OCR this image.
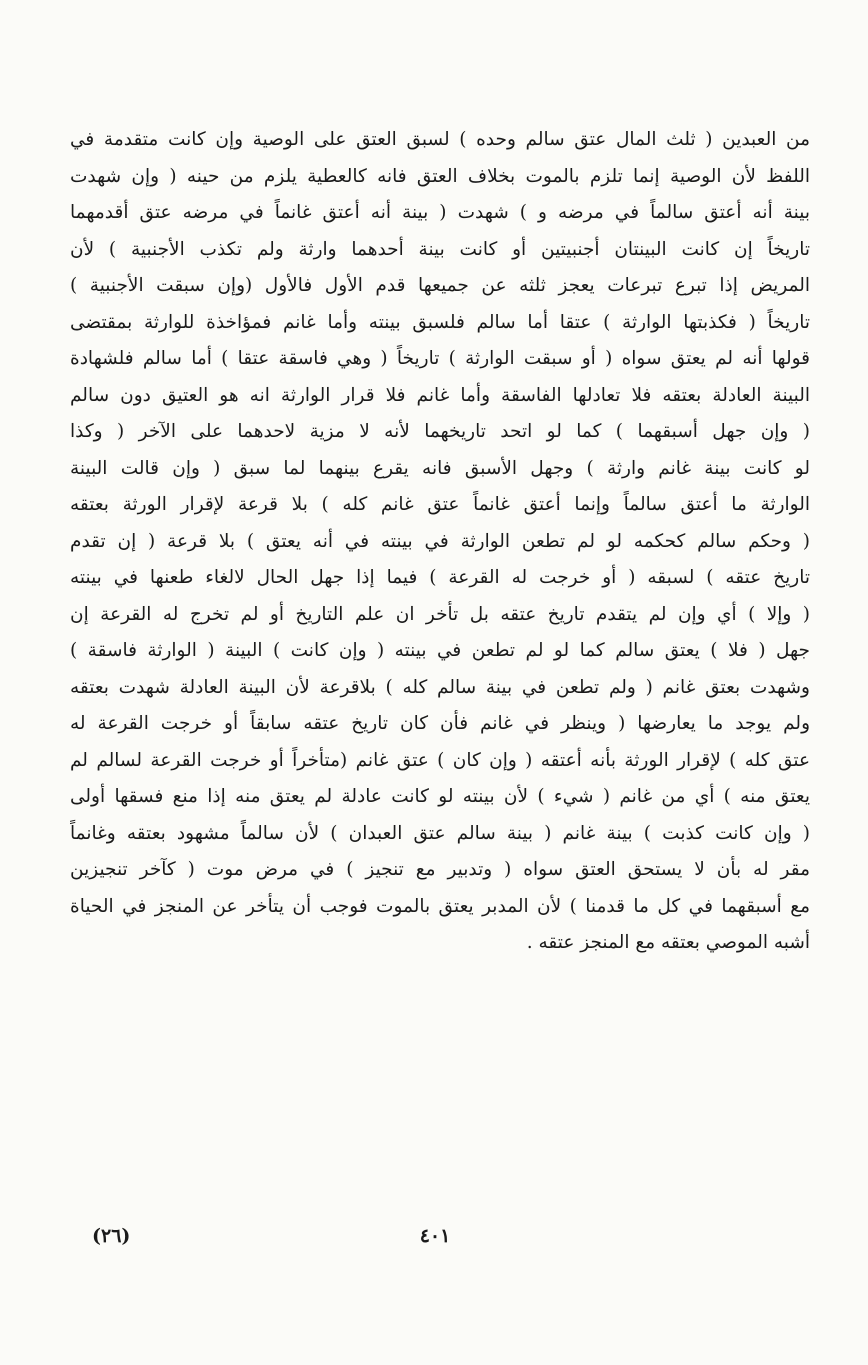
من العبدين ( ثلث المال عتق سالم وحده ) لسبق العتق على الوصية وإن كانت متقدمة في
اللفظ لأن الوصية إنما تلزم بالموت بخلاف العتق فانه كالعطية يلزم من حينه ( وإن شهدت
بينة أنه أعتق سالماً في مرضه و ) شهدت ( بينة أنه أعتق غانماً في مرضه عتق أقدمهما
تاريخاً إن كانت البينتان أجنبيتين أو كانت بينة أحدهما وارثة ولم تكذب الأجنبية ) لأن
المريض إذا تبرع تبرعات يعجز ثلثه عن جميعها قدم الأول فالأول (وإن سبقت الأجنبية )
تاريخاً ( فكذبتها الوارثة ) عتقا أما سالم فلسبق بينته وأما غانم فمؤاخذة للوارثة بمقتضى
قولها أنه لم يعتق سواه ( أو سبقت الوارثة ) تاريخاً ( وهي فاسقة عتقا ) أما سالم فلشهادة
البينة العادلة بعتقه فلا تعادلها الفاسقة وأما غانم فلا قرار الوارثة انه هو العتيق دون سالم
( وإن جهل أسبقهما ) كما لو اتحد تاريخهما لأنه لا مزية لاحدهما على الآخر ( وكذا
لو كانت بينة غانم وارثة ) وجهل الأسبق فانه يقرع بينهما لما سبق ( وإن قالت البينة
الوارثة ما أعتق سالماً وإنما أعتق غانماً عتق غانم كله ) بلا قرعة لإقرار الورثة بعتقه
( وحكم سالم كحكمه لو لم تطعن الوارثة في بينته في أنه يعتق ) بلا قرعة ( إن تقدم
تاريخ عتقه ) لسبقه ( أو خرجت له القرعة ) فيما إذا جهل الحال لالغاء طعنها في بينته
( وإلا ) أي وإن لم يتقدم تاريخ عتقه بل تأخر ان علم التاريخ أو لم تخرج له القرعة إن
جهل ( فلا ) يعتق سالم كما لو لم تطعن في بينته ( وإن كانت ) البينة ( الوارثة فاسقة )
وشهدت بعتق غانم ( ولم تطعن في بينة سالم كله ) بلاقرعة لأن البينة العادلة شهدت بعتقه
ولم يوجد ما يعارضها ( وينظر في غانم فأن كان تاريخ عتقه سابقاً أو خرجت القرعة له
عتق كله ) لإقرار الورثة بأنه أعتقه ( وإن كان ) عتق غانم (متأخراً أو خرجت القرعة لسالم لم
يعتق منه ) أي من غانم ( شيء ) لأن بينته لو كانت عادلة لم يعتق منه إذا منع فسقها أولى
( وإن كانت كذبت ) بينة غانم ( بينة سالم عتق العبدان ) لأن سالماً مشهود بعتقه وغانماً
مقر له بأن لا يستحق العتق سواه ( وتدبير مع تنجيز ) في مرض موت ( كآخر تنجيزين
مع أسبقهما في كل ما قدمنا ) لأن المدبر يعتق بالموت فوجب أن يتأخر عن المنجز في الحياة
أشبه الموصي بعتقه مع المنجز عتقه .
(٢٦)	٤٠١
